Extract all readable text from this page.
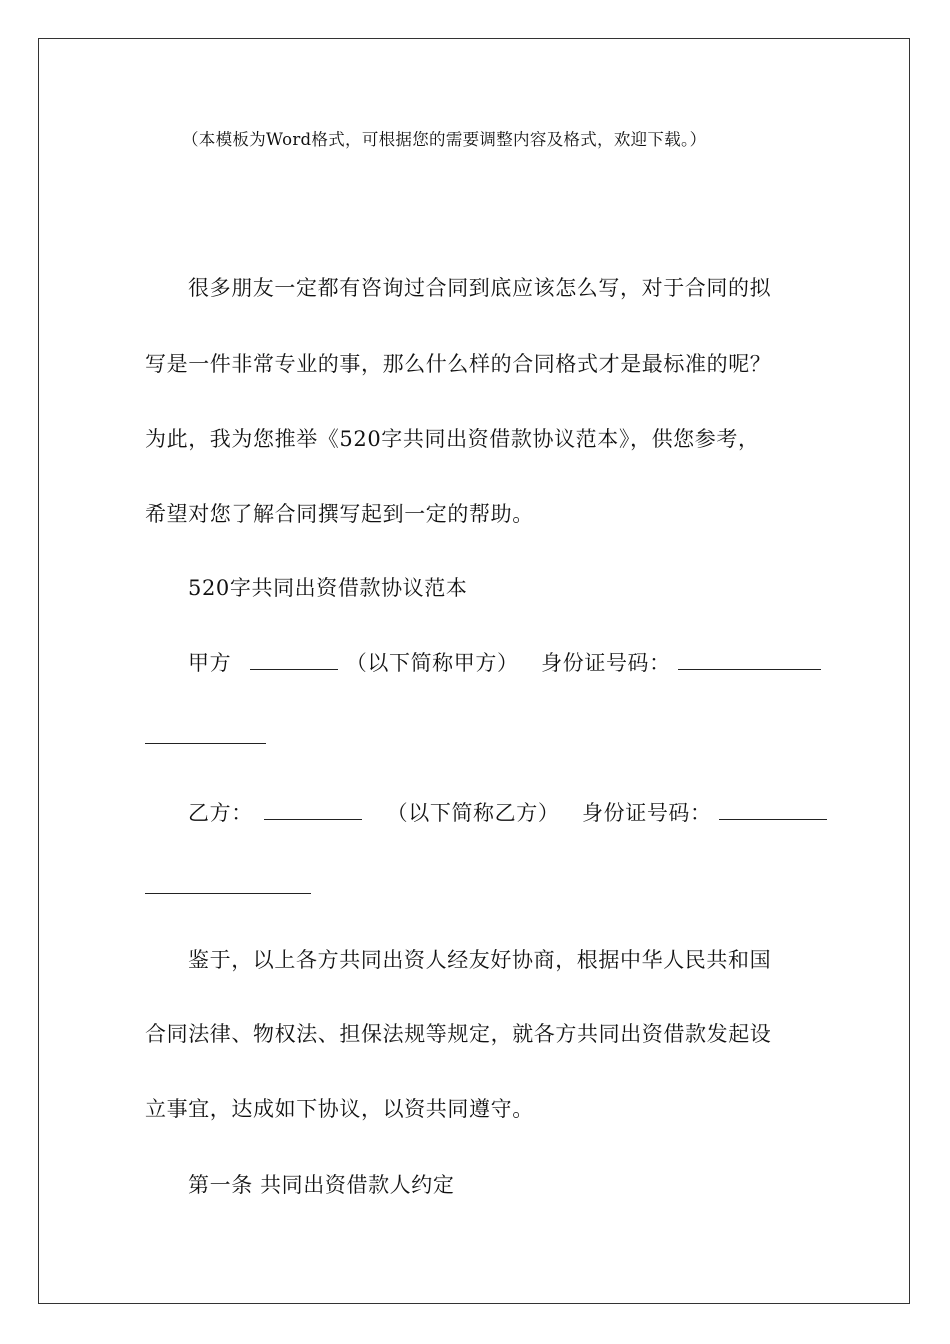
（本模板为Word格式，可根据您的需要调整内容及格式，欢迎下载。）
很多朋友一定都有咨询过合同到底应该怎么写，对于合同的拟
写是一件非常专业的事，那么什么样的合同格式才是最标准的呢？
为此，我为您推举《520字共同出资借款协议范本》，供您参考，
希望对您了解合同撰写起到一定的帮助。
520字共同出资借款协议范本
甲方	（以下简称甲方） 身份证号码：
乙方：	（以下简称乙方） 身份证号码：
鉴于，以上各方共同出资人经友好协商，根据中华人民共和国
合同法律、物权法、担保法规等规定，就各方共同出资借款发起设
立事宜，达成如下协议，以资共同遵守。
第一条 共同出资借款人约定
